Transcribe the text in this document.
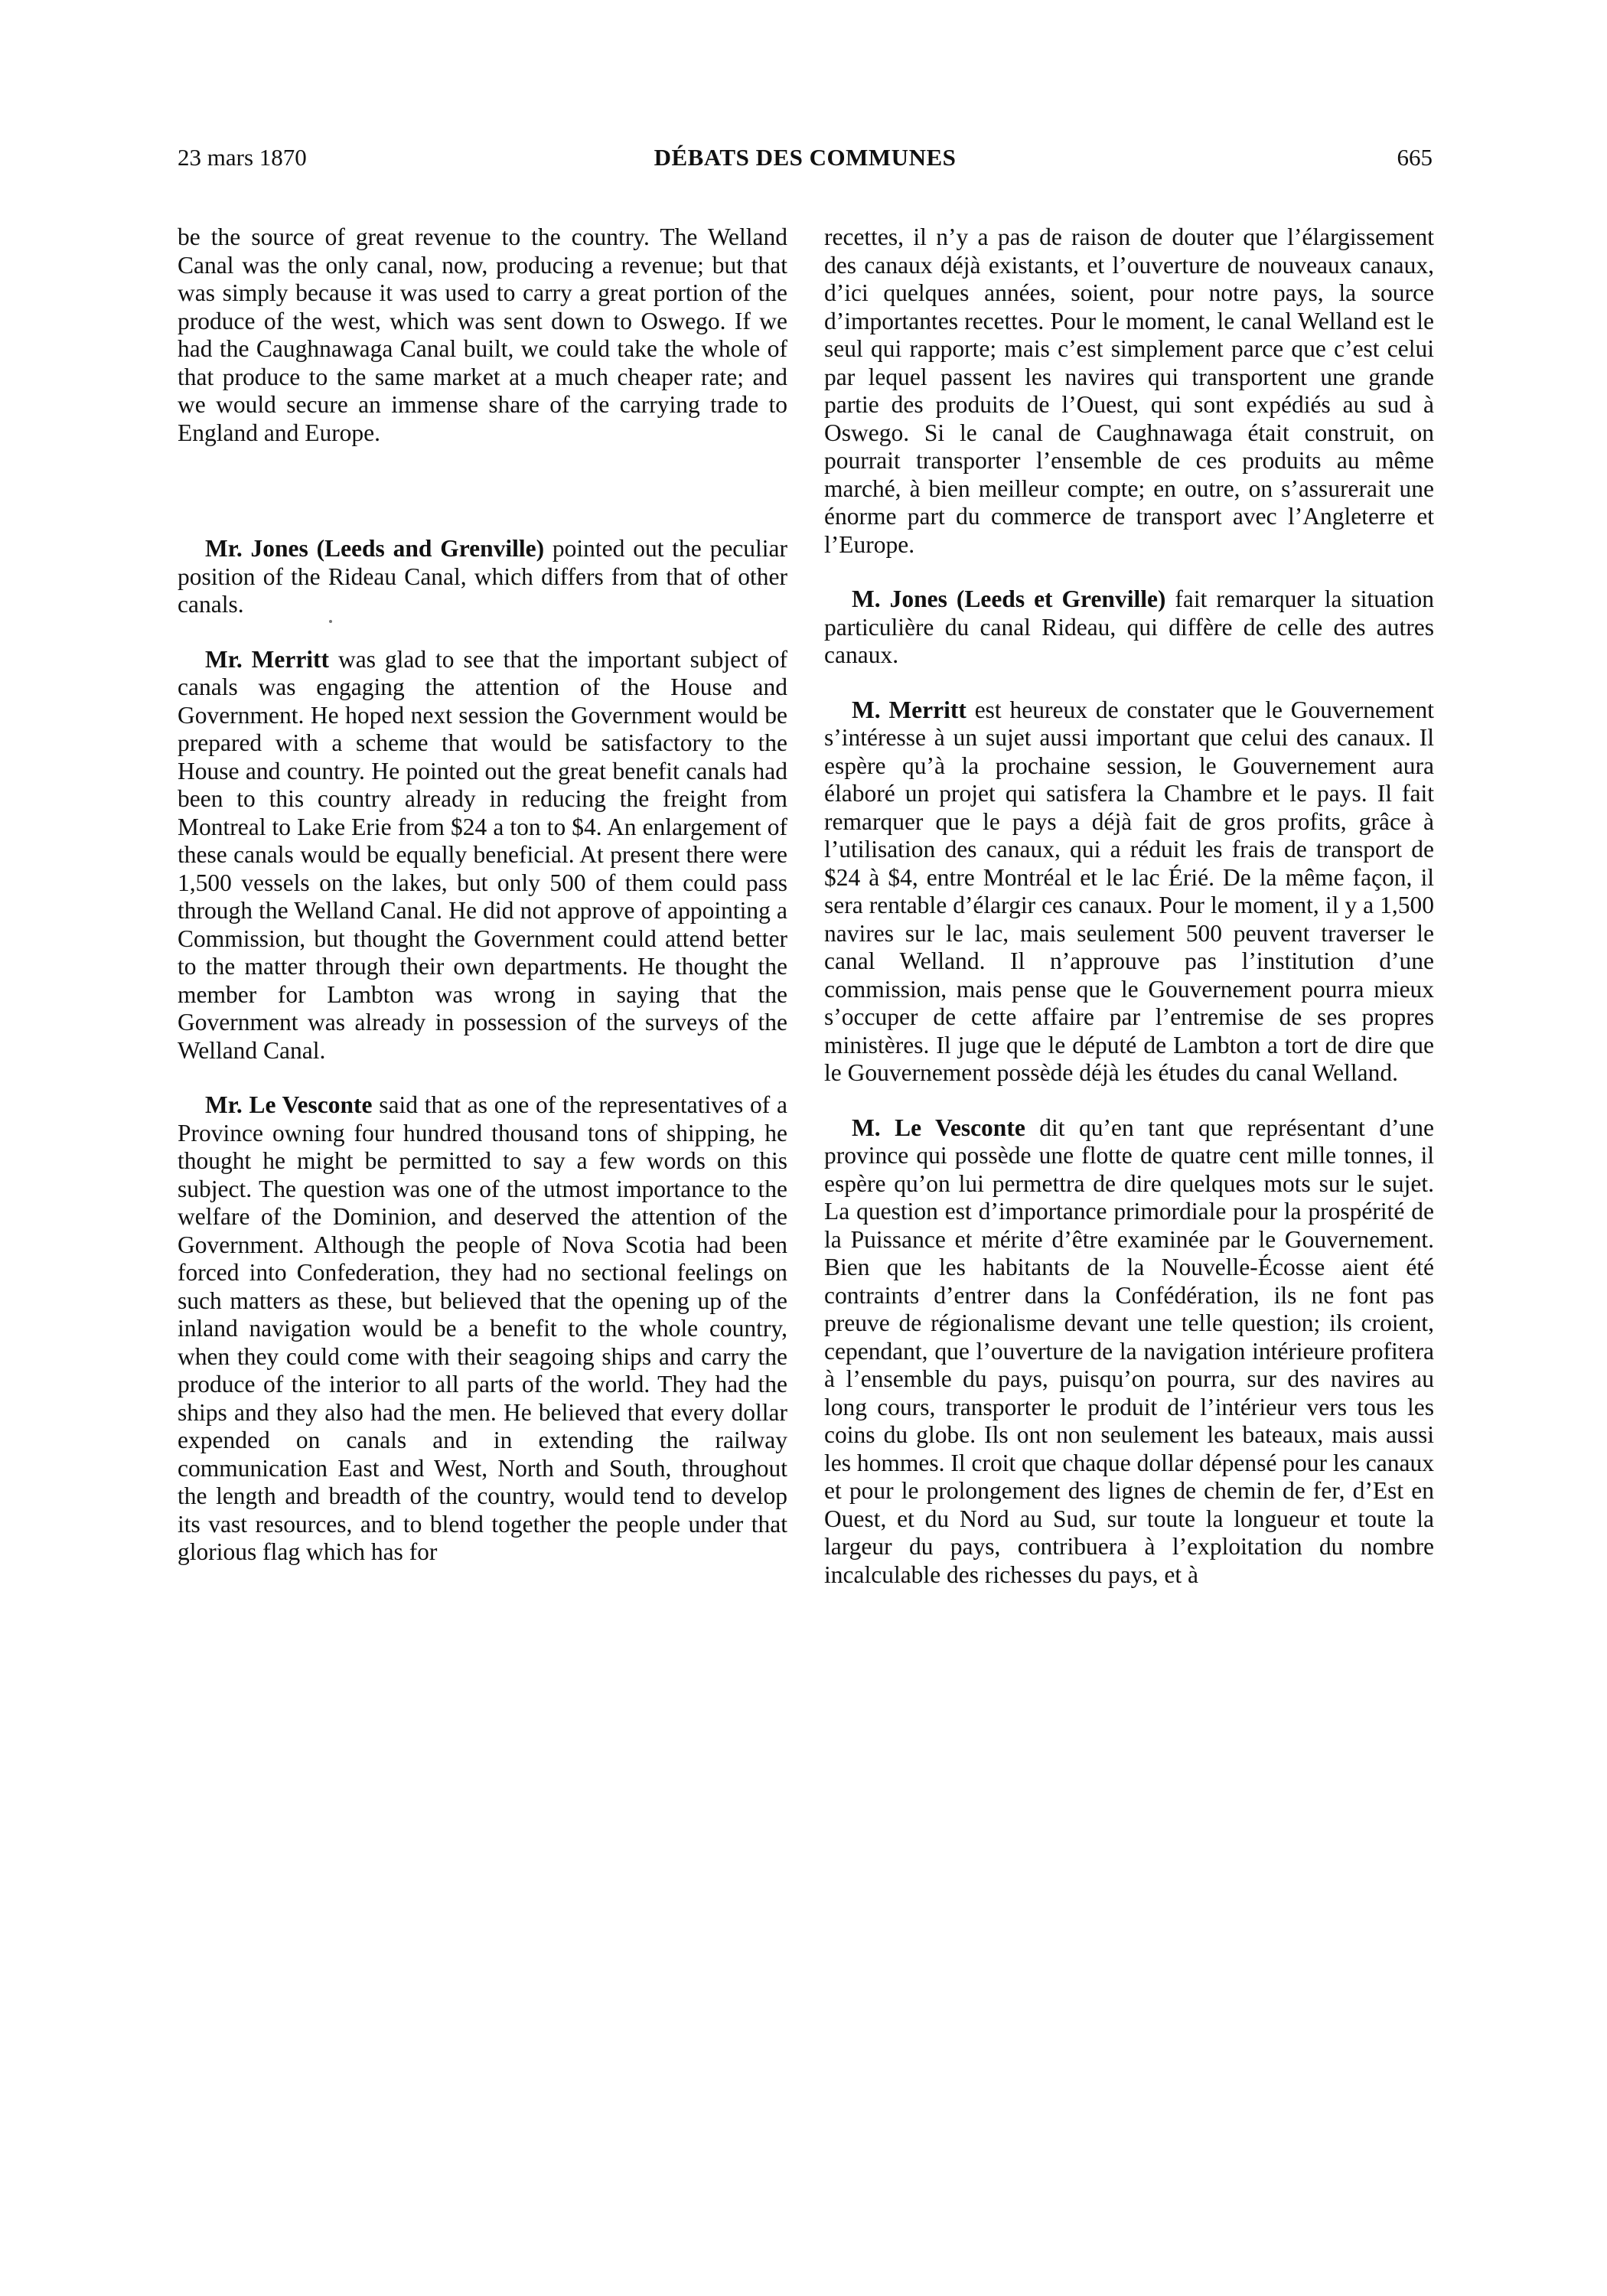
23 mars 1870	DÉBATS DES COMMUNES	665

be the source of great revenue to the country. The Welland Canal was the only canal, now, producing a revenue; but that was simply because it was used to carry a great portion of the produce of the west, which was sent down to Oswego. If we had the Caughnawaga Canal built, we could take the whole of that produce to the same market at a much cheaper rate; and we would secure an immense share of the carrying trade to England and Europe.

Mr. Jones (Leeds and Grenville) pointed out the peculiar position of the Rideau Canal, which differs from that of other canals.

Mr. Merritt was glad to see that the important subject of canals was engaging the attention of the House and Government. He hoped next session the Government would be prepared with a scheme that would be satisfactory to the House and country. He pointed out the great benefit canals had been to this country already in reducing the freight from Montreal to Lake Erie from $24 a ton to $4. An enlargement of these canals would be equally beneficial. At present there were 1,500 vessels on the lakes, but only 500 of them could pass through the Welland Canal. He did not approve of appointing a Commission, but thought the Government could attend better to the matter through their own departments. He thought the member for Lambton was wrong in saying that the Government was already in possession of the surveys of the Welland Canal.

Mr. Le Vesconte said that as one of the representatives of a Province owning four hundred thousand tons of shipping, he thought he might be permitted to say a few words on this subject. The question was one of the utmost importance to the welfare of the Dominion, and deserved the attention of the Government. Although the people of Nova Scotia had been forced into Confederation, they had no sectional feelings on such matters as these, but believed that the opening up of the inland navigation would be a benefit to the whole country, when they could come with their seagoing ships and carry the produce of the interior to all parts of the world. They had the ships and they also had the men. He believed that every dollar expended on canals and in extending the railway communication East and West, North and South, throughout the length and breadth of the country, would tend to develop its vast resources, and to blend together the people under that glorious flag which has for

recettes, il n’y a pas de raison de douter que l’élargissement des canaux déjà existants, et l’ouverture de nouveaux canaux, d’ici quelques années, soient, pour notre pays, la source d’importantes recettes. Pour le moment, le canal Welland est le seul qui rapporte; mais c’est simplement parce que c’est celui par lequel passent les navires qui transportent une grande partie des produits de l’Ouest, qui sont expédiés au sud à Oswego. Si le canal de Caughnawaga était construit, on pourrait transporter l’ensemble de ces produits au même marché, à bien meilleur compte; en outre, on s’assurerait une énorme part du commerce de transport avec l’Angleterre et l’Europe.

M. Jones (Leeds et Grenville) fait remarquer la situation particulière du canal Rideau, qui diffère de celle des autres canaux.

M. Merritt est heureux de constater que le Gouvernement s’intéresse à un sujet aussi important que celui des canaux. Il espère qu’à la prochaine session, le Gouvernement aura élaboré un projet qui satisfera la Chambre et le pays. Il fait remarquer que le pays a déjà fait de gros profits, grâce à l’utilisation des canaux, qui a réduit les frais de transport de $24 à $4, entre Montréal et le lac Érié. De la même façon, il sera rentable d’élargir ces canaux. Pour le moment, il y a 1,500 navires sur le lac, mais seulement 500 peuvent traverser le canal Welland. Il n’approuve pas l’institution d’une commission, mais pense que le Gouvernement pourra mieux s’occuper de cette affaire par l’entremise de ses propres ministères. Il juge que le député de Lambton a tort de dire que le Gouvernement possède déjà les études du canal Welland.

M. Le Vesconte dit qu’en tant que représentant d’une province qui possède une flotte de quatre cent mille tonnes, il espère qu’on lui permettra de dire quelques mots sur le sujet. La question est d’importance primordiale pour la prospérité de la Puissance et mérite d’être examinée par le Gouvernement. Bien que les habitants de la Nouvelle-Écosse aient été contraints d’entrer dans la Confédération, ils ne font pas preuve de régionalisme devant une telle question; ils croient, cependant, que l’ouverture de la navigation intérieure profitera à l’ensemble du pays, puisqu’on pourra, sur des navires au long cours, transporter le produit de l’intérieur vers tous les coins du globe. Ils ont non seulement les bateaux, mais aussi les hommes. Il croit que chaque dollar dépensé pour les canaux et pour le prolongement des lignes de chemin de fer, d’Est en Ouest, et du Nord au Sud, sur toute la longueur et toute la largeur du pays, contribuera à l’exploitation du nombre incalculable des richesses du pays, et à
